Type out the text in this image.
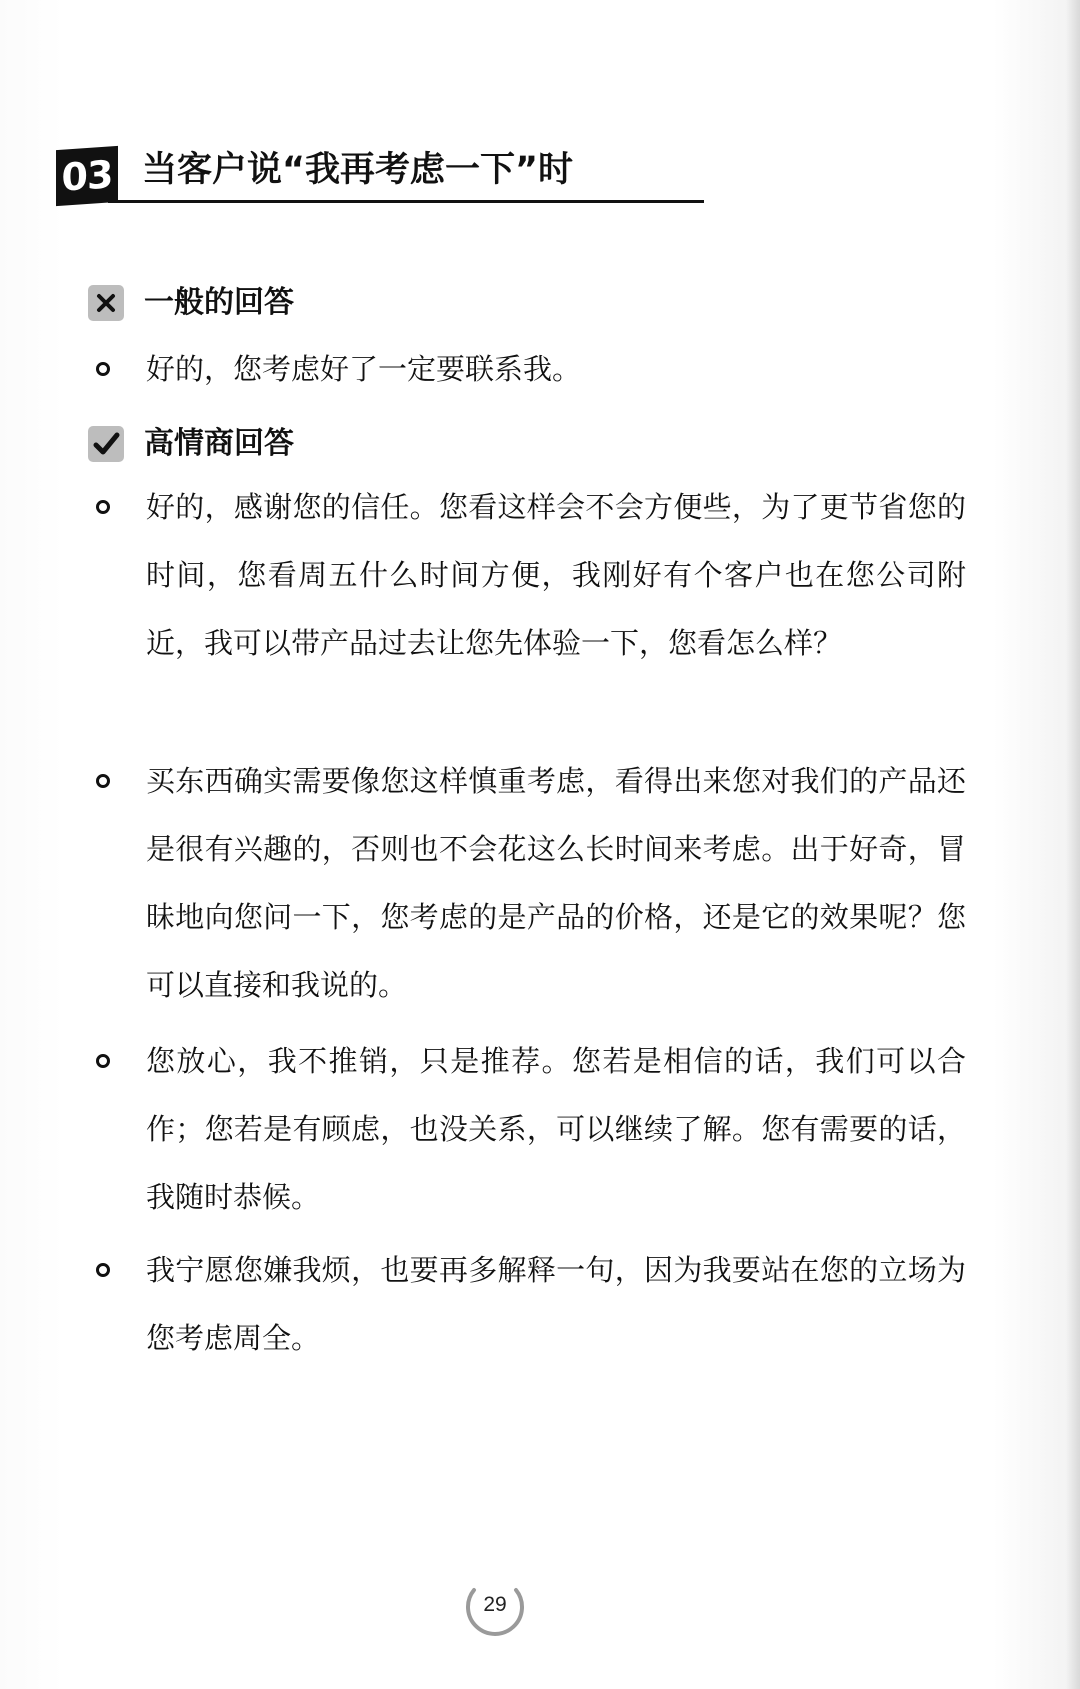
03 当客户说“我再考虑一下”时
一般的回答

好的，您考虑好了一定要联系我。

高情商回答

好的，感谢您的信任。您看这样会不会方便些，为了更节省您的时间，您看周五什么时间方便，我刚好有个客户也在您公司附近，我可以带产品过去让您先体验一下，您看怎么样？

买东西确实需要像您这样慎重考虑，看得出来您对我们的产品还是很有兴趣的，否则也不会花这么长时间来考虑。出于好奇，冒昧地向您问一下，您考虑的是产品的价格，还是它的效果呢？您可以直接和我说的。

您放心，我不推销，只是推荐。您若是相信的话，我们可以合作；您若是有顾虑，也没关系，可以继续了解。您有需要的话，我随时恭候。

我宁愿您嫌我烦，也要再多解释一句，因为我要站在您的立场为您考虑周全。

29
